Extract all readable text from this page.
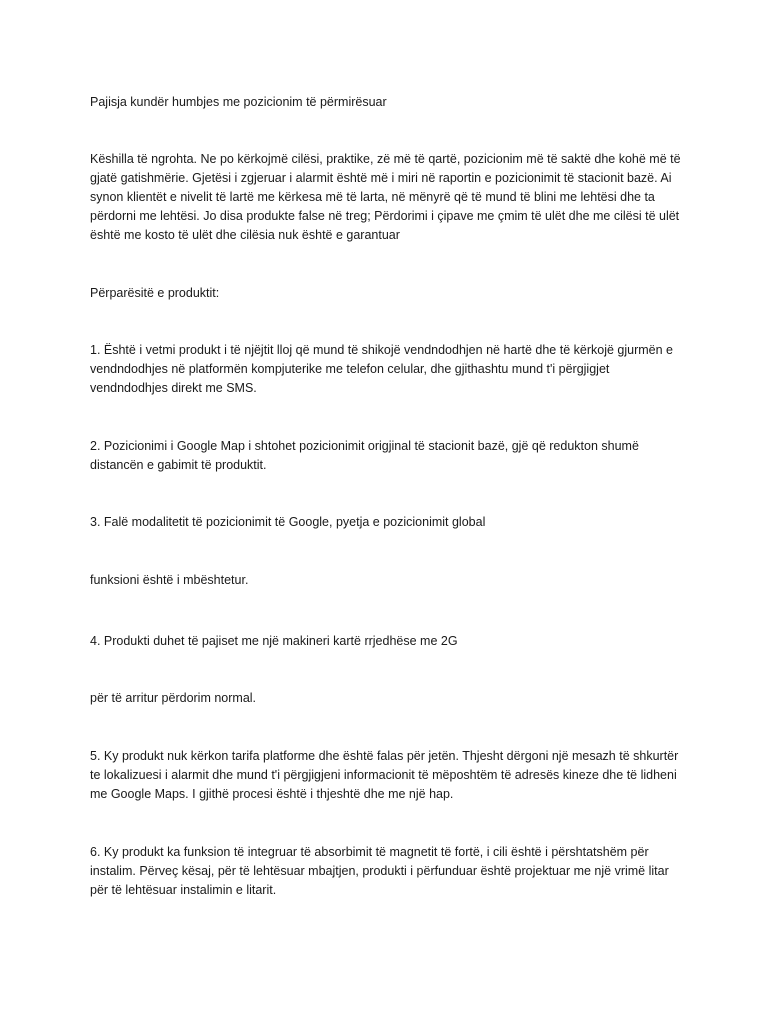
Pajisja kundër humbjes me pozicionim të përmirësuar

Këshilla të ngrohta. Ne po kërkojmë cilësi, praktike, zë më të qartë, pozicionim më të saktë dhe kohë më të gjatë gatishmërie. Gjetësi i zgjeruar i alarmit është më i miri në raportin e pozicionimit të stacionit bazë. Ai synon klientët e nivelit të lartë me kërkesa më të larta, në mënyrë që të mund të blini me lehtësi dhe ta përdorni me lehtësi. Jo disa produkte false në treg; Përdorimi i çipave me çmim të ulët dhe me cilësi të ulët është me kosto të ulët dhe cilësia nuk është e garantuar

Përparësitë e produktit:

1. Është i vetmi produkt i të njëjtit lloj që mund të shikojë vendndodhjen në hartë dhe të kërkojë gjurmën e vendndodhjes në platformën kompjuterike me telefon celular, dhe gjithashtu mund t'i përgjigjet vendndodhjes direkt me SMS.

2. Pozicionimi i Google Map i shtohet pozicionimit origjinal të stacionit bazë, gjë që redukton shumë distancën e gabimit të produktit.

3. Falë modalitetit të pozicionimit të Google, pyetja e pozicionimit global

funksioni është i mbështetur.

4. Produkti duhet të pajiset me një makineri kartë rrjedhëse me 2G

për të arritur përdorim normal.

5. Ky produkt nuk kërkon tarifa platforme dhe është falas për jetën. Thjesht dërgoni një mesazh të shkurtër te lokalizuesi i alarmit dhe mund t'i përgjigjeni informacionit të mëposhtëm të adresës kineze dhe të lidheni me Google Maps. I gjithë procesi është i thjeshtë dhe me një hap.

6. Ky produkt ka funksion të integruar të absorbimit të magnetit të fortë, i cili është i përshtatshëm për instalim. Përveç kësaj, për të lehtësuar mbajtjen, produkti i përfunduar është projektuar me një vrimë litar për të lehtësuar instalimin e litarit.
